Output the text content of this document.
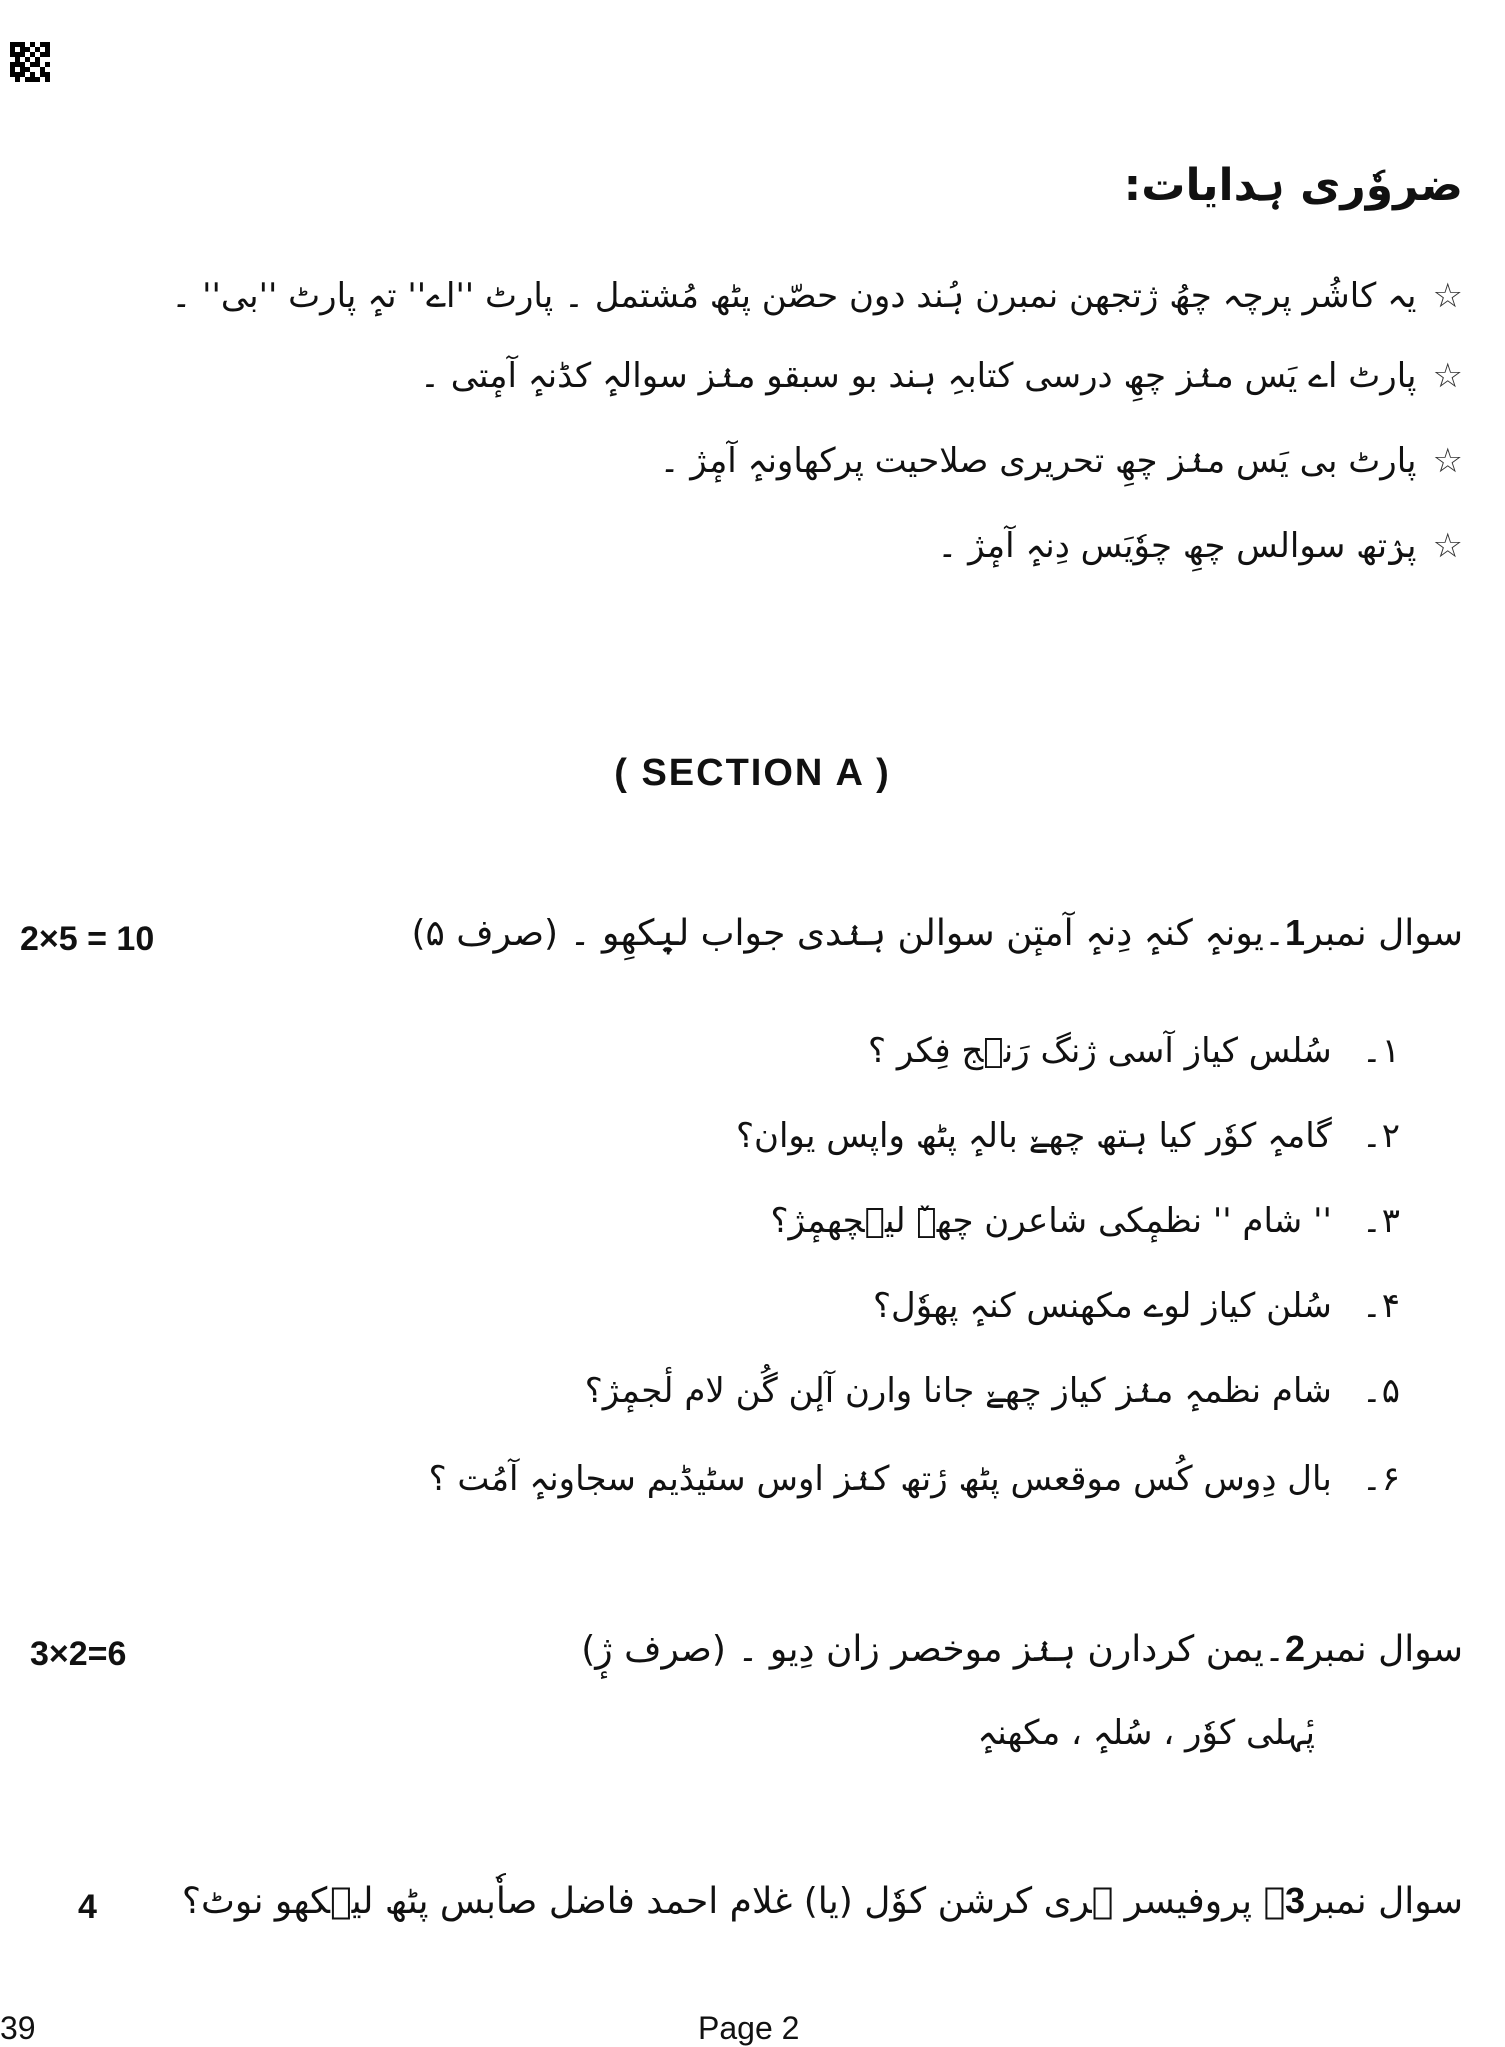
ضروٗری ہدایات:
☆یہ کاشُر پرچہ چھُ ژتجھن نمبرن ہُند دون حصّن پٹھ مُشتمل ۔ پارٹ ''اے'' تہٕ پارٹ ''بی'' ۔
☆پارٹ اے یَس منٛز چھِ درسی کتابہِ ہند بو سبقو منٛز سوالہٕ کڈنہٕ آمٕتی ۔
☆پارٹ بی یَس منٛز چھِ تحریری صلاحیت پرکھاونہٕ آمٕژ ۔
☆پرٛتھ سوالس چھِ چوٗیَس دِنہٕ آمٕژ ۔
( SECTION A )
2×5 = 10	سوال نمبر1۔یونہٕ کنہٕ دِنہٕ آمتٕن سوالن ہنٛدی جواب لیٖکھِو ۔ (صرف ۵)
۱۔سُلس کیاز آسی ژنگ رَنٛج فِکر ؟
۲۔گامہٕ کوٗر کیا ہتھ چھےٚ بالہٕ پٹھ واپس یوان؟
۳۔'' شام '' نظمٕکی شاعرن چھےٚ لیٖچھمٕژ؟
۴۔سُلن کیاز لوے مکھنس کنہٕ پھوٗل؟
۵۔شام نظمہٕ منٛز کیاز چھےٚ جانا وارن آلٕن گُن لام لٔجمٕژ؟
۶۔بال دِوس کُس موقعس پٹھ رٔتھ کنٛز اوس سٹیڈیم سجاونہٕ آمُت ؟
3×2=6	سوال نمبر2۔یمن کردارن ہنٛز موخصر زان دِیو ۔ (صرف ژٕ)
پٔہلی کوٗر ، سُلہٕ ، مکھنہٕ
4	سوال نمبر3۔ پروفیسر ہری کرشن کوٗل (یا) غلام احمد فاضل صاٗبس پٹھ لیٖکھو نوٹ؟
39	Page 2
